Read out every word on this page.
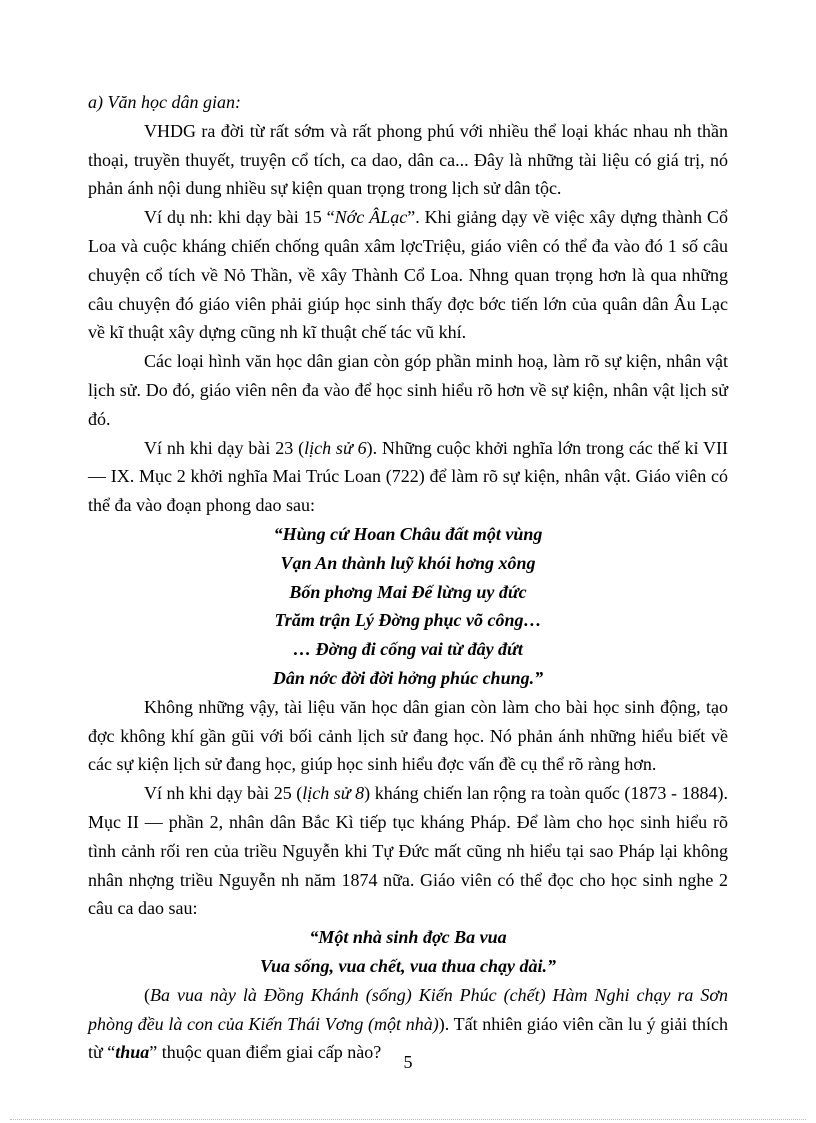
a) Văn học dân gian:

VHDG ra đời từ rất sớm và rất phong phú với nhiều thể loại khác nhau nh thần thoại, truyền thuyết, truyện cổ tích, ca dao, dân ca... Đây là những tài liệu có giá trị, nó phản ánh nội dung nhiều sự kiện quan trọng trong lịch sử dân tộc.

Ví dụ nh: khi dạy bài 15 “Nớc ÂLạc”. Khi giảng dạy về việc xây dựng thành Cổ Loa và cuộc kháng chiến chống quân xâm lợcTriệu, giáo viên có thể đa vào đó 1 số câu chuyện cổ tích về Nỏ Thần, về xây Thành Cổ Loa. Nhng quan trọng hơn là qua những câu chuyện đó giáo viên phải giúp học sinh thấy đợc bớc tiến lớn của quân dân Âu Lạc về kĩ thuật xây dựng cũng nh kĩ thuật chế tác vũ khí.

Các loại hình văn học dân gian còn góp phần minh hoạ, làm rõ sự kiện, nhân vật lịch sử. Do đó, giáo viên nên đa vào để học sinh hiểu rõ hơn về sự kiện, nhân vật lịch sử đó.

Ví nh khi dạy bài 23 (lịch sử 6). Những cuộc khởi nghĩa lớn trong các thế kỉ VII — IX. Mục 2 khởi nghĩa Mai Trúc Loan (722) để làm rõ sự kiện, nhân vật. Giáo viên có thể đa vào đoạn phong dao sau:

“Hùng cứ Hoan Châu đất một vùng
Vạn An thành luỹ khói hơng xông
Bốn phơng Mai Đế lừng uy đức
Trăm trận Lý Đờng phục võ công…
… Đờng đi cống vai từ đây đứt
Dân nớc đời đời hởng phúc chung.”

Không những vậy, tài liệu văn học dân gian còn làm cho bài học sinh động, tạo đợc không khí gần gũi với bối cảnh lịch sử đang học. Nó phản ánh những hiểu biết về các sự kiện lịch sử đang học, giúp học sinh hiểu đợc vấn đề cụ thể rõ ràng hơn.

Ví nh khi dạy bài 25 (lịch sử 8) kháng chiến lan rộng ra toàn quốc (1873 - 1884). Mục II — phần 2, nhân dân Bắc Kì tiếp tục kháng Pháp. Để làm cho học sinh hiểu rõ tình cảnh rối ren của triều Nguyễn khi Tự Đức mất cũng nh hiểu tại sao Pháp lại không nhân nhợng triều Nguyễn nh năm 1874 nữa. Giáo viên có thể đọc cho học sinh nghe 2 câu ca dao sau:

“Một nhà sinh đợc Ba vua
Vua sống, vua chết, vua thua chạy dài.”

(Ba vua này là Đồng Khánh (sống) Kiến Phúc (chết) Hàm Nghi chạy ra Sơn phòng đều là con của Kiến Thái Vơng (một nhà)). Tất nhiên giáo viên cần lu ý giải thích từ “thua” thuộc quan điểm giai cấp nào?	5
